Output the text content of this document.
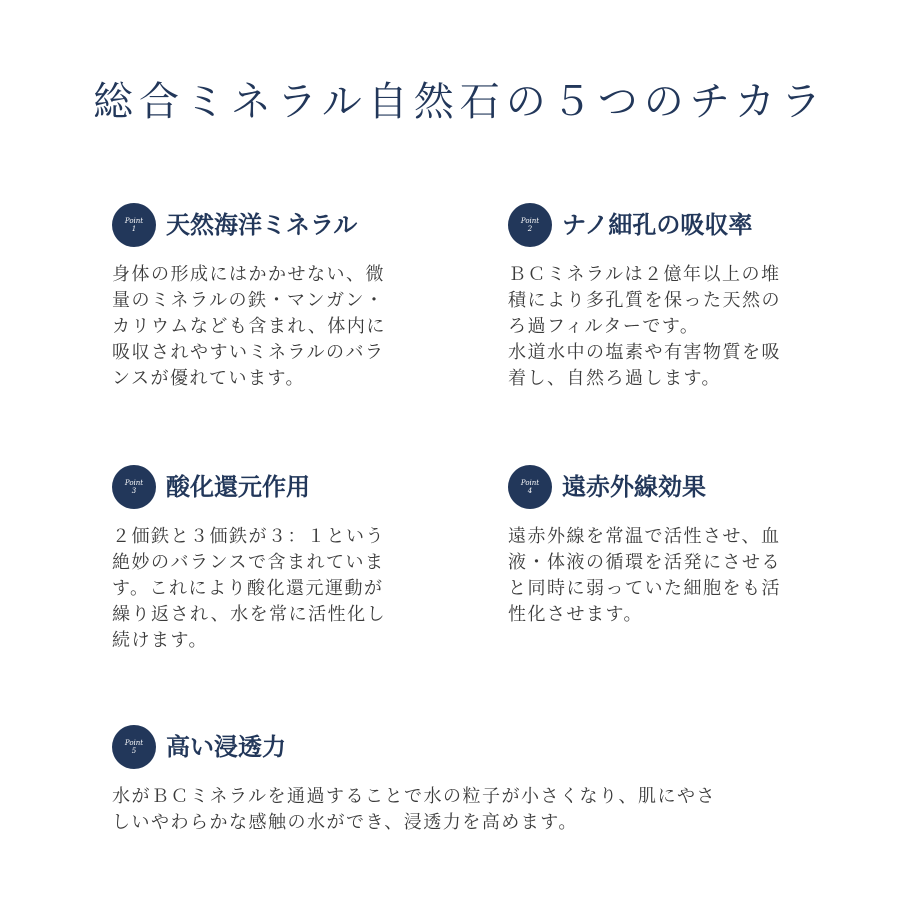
総合ミネラル自然石の５つのチカラ
Point
1 天然海洋ミネラル
身体の形成にはかかせない、微
量のミネラルの鉄・マンガン・
カリウムなども含まれ、体内に
吸収されやすいミネラルのバラ
ンスが優れています。
Point
2 ナノ細孔の吸収率
ＢＣミネラルは２億年以上の堆
積により多孔質を保った天然の
ろ過フィルターです。
水道水中の塩素や有害物質を吸
着し、自然ろ過します。
Point
3 酸化還元作用
２価鉄と３価鉄が３：１という
絶妙のバランスで含まれていま
す。これにより酸化還元運動が
繰り返され、水を常に活性化し
続けます。
Point
4 遠赤外線効果
遠赤外線を常温で活性させ、血
液・体液の循環を活発にさせる
と同時に弱っていた細胞をも活
性化させます。
Point
5 高い浸透力
水がＢＣミネラルを通過することで水の粒子が小さくなり、肌にやさ
しいやわらかな感触の水ができ、浸透力を高めます。
